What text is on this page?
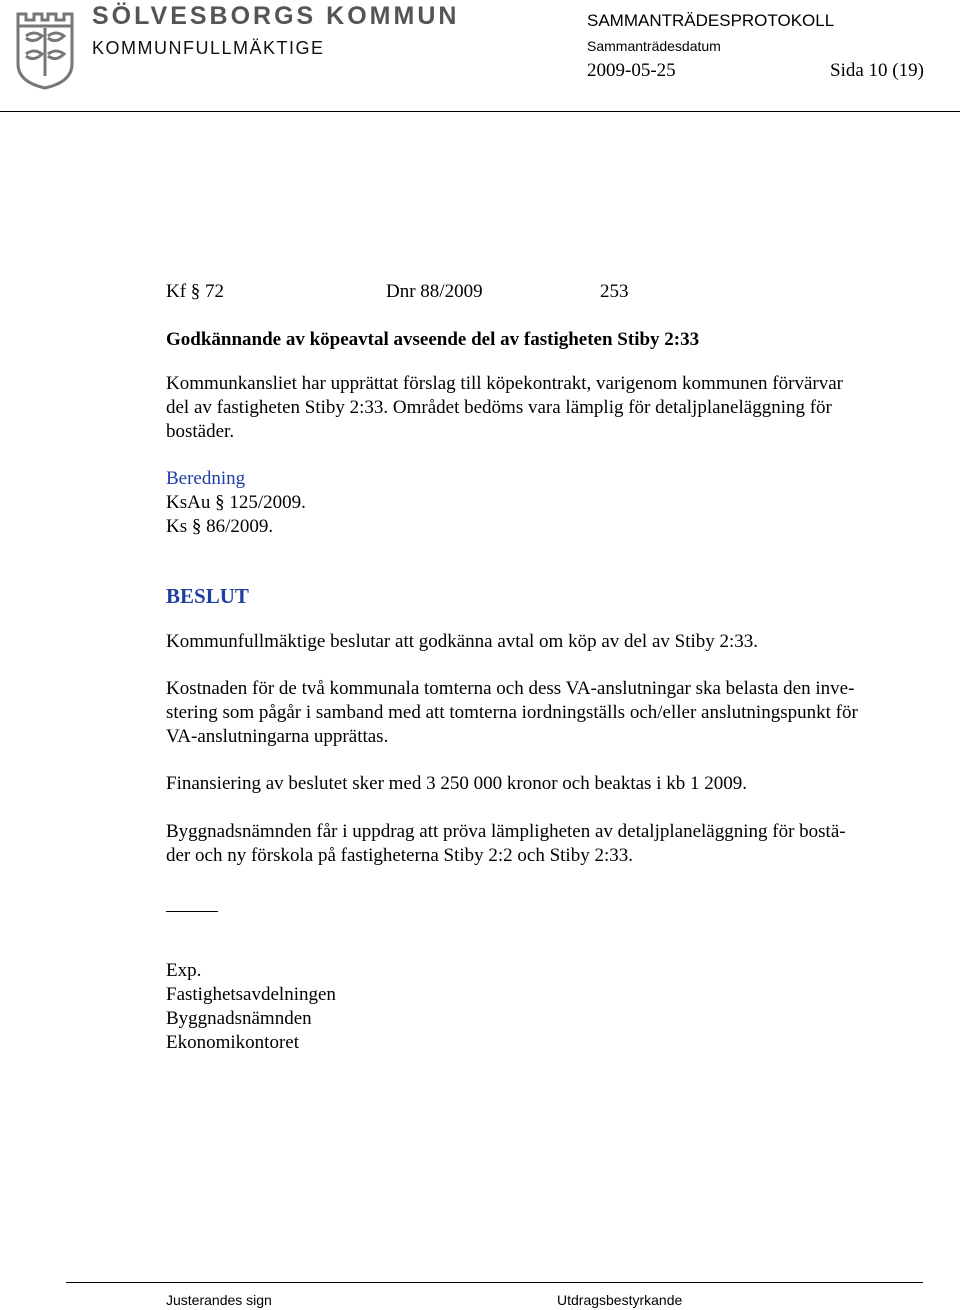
SÖLVESBORGS KOMMUN
KOMMUNFULLMÄKTIGE
SAMMANTRÄDESPROTOKOLL
Sammanträdesdatum
2009-05-25	Sida 10 (19)
Kf § 72	Dnr 88/2009	253
Godkännande av köpeavtal avseende del av fastigheten Stiby 2:33
Kommunkansliet har upprättat förslag till köpekontrakt, varigenom kommunen förvärvar
del av fastigheten Stiby 2:33. Området bedöms vara lämplig för detaljplaneläggning för
bostäder.
Beredning
KsAu § 125/2009.
Ks § 86/2009.
BESLUT
Kommunfullmäktige beslutar att godkänna avtal om köp av del av Stiby 2:33.
Kostnaden för de två kommunala tomterna och dess VA-anslutningar ska belasta den inve-
stering som pågår i samband med att tomterna iordningställs och/eller anslutningspunkt för
VA-anslutningarna upprättas.
Finansiering av beslutet sker med 3 250 000 kronor och beaktas i kb 1 2009.
Byggnadsnämnden får i uppdrag att pröva lämpligheten av detaljplaneläggning för bostä-
der och ny förskola på fastigheterna Stiby 2:2 och Stiby 2:33.
Exp.
Fastighetsavdelningen
Byggnadsnämnden
Ekonomikontoret
Justerandes sign	Utdragsbestyrkande
